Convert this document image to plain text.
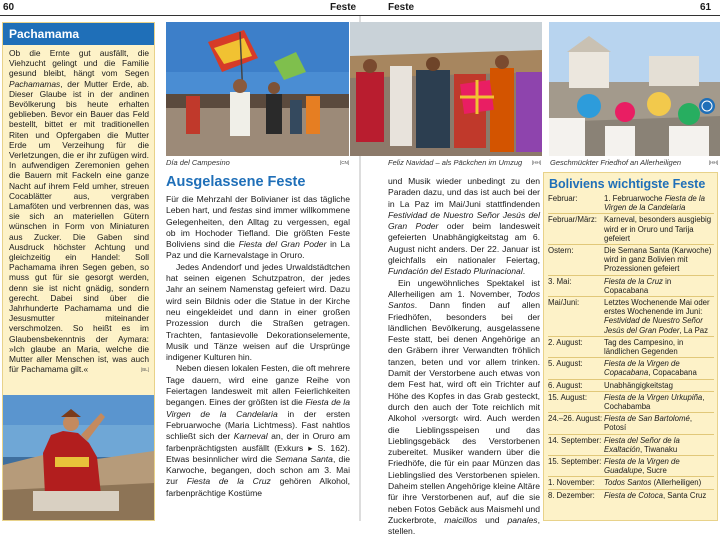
60	Feste	Feste	61
Pachamama
Ob die Ernte gut ausfällt, die Viehzucht gelingt und die Familie gesund bleibt, hängt vom Segen Pachamamas, der Mutter Erde, ab. Dieser Glaube ist in der andinen Bevölkerung bis heute erhalten geblieben. Bevor ein Bauer das Feld bestellt, bittet er mit traditionellen Riten und Opfergaben die Mutter Erde um Verzeihung für die Verletzungen, die er ihr zufügen wird. In aufwendigen Zeremonien gehen die Bauern mit Fackeln eine ganze Nacht auf ihrem Feld umher, streuen Cocablätter aus, vergraben Lamaföten und verbrennen das, was sie sich an materiellen Gütern wünschen in Form von Miniaturen aus Zucker. Die Gaben sind Ausdruck höchster Achtung und gleichzeitig ein Handel: Soll Pachamama ihren Segen geben, so muss gut für sie gesorgt werden, denn sie ist nicht gnädig, sondern gerecht. Dabei sind über die Jahrhunderte Pachamama und die Jesusmutter miteinander verschmolzen. So heißt es im Glaubensbekenntnis der Aymara: »Ich glaube an Maria, welche die Mutter aller Menschen ist, was auch für Pachamama gilt.«	[BL]
Día del Campesino	[CN]	Feliz Navidad – als Päckchen im Umzug [HH] Geschmückter Friedhof an Allerheiligen	[HH]
Ausgelassene Feste

Für die Mehrzahl der Bolivianer ist das tägliche Leben hart, und festas sind immer willkommene Gelegenheiten, den Alltag zu vergessen, egal ob im Hochoder Tiefland. Die größten Feste Boliviens sind die Fiesta del Gran Poder in La Paz und die Karnevalstage in Oruro.

Jedes Andendorf und jedes Urwaldstädtchen hat seinen eigenen Schutzpatron, der jedes Jahr an seinem Namenstag gefeiert wird. Dazu wird sein Bildnis oder die Statue in der Kirche neu eingekleidet und dann in einer großen Prozession durch die Straßen getragen. Trachten, fantasievolle Dekorationselemente, Musik und Tänze weisen auf die Ursprünge indigener Kulturen hin.

Neben diesen lokalen Festen, die oft mehrere Tage dauern, wird eine ganze Reihe von Feiertagen landesweit mit allen Feierlichkeiten begangen. Eines der größten ist die Fiesta de la Virgen de la Candelaria in der ersten Februarwoche (Maria Lichtmess). Fast nahtlos schließt sich der Karneval an, der in Oruro am farbenprächtigsten ausfällt (Exkurs ▸ S. 162). Etwas besinnlicher wird die Semana Santa, die Karwoche, begangen, doch schon am 3. Mai zur Fiesta de la Cruz gehören Alkohol, farbenprächtige Kostüme

und Musik wieder unbedingt zu den Paraden dazu, und das ist auch bei der in La Paz im Mai/Juni stattfindenden Festividad de Nuestro Señor Jesús del Gran Poder oder beim landesweit gefeierten Unabhängigkeitstag am 6. August nicht anders. Der 22. Januar ist gleichfalls ein nationaler Feiertag, Fundación del Estado Plurinacional.

Ein ungewöhnliches Spektakel ist Allerheiligen am 1. November, Todos Santos. Dann finden auf allen Friedhöfen, besonders bei der ländlichen Bevölkerung, ausgelassene Feste statt, bei denen Angehörige an den Gräbern ihrer Verwandten fröhlich tanzen, beten und vor allem trinken. Damit der Verstorbene auch etwas von dem Fest hat, wird oft ein Trichter auf Höhe des Kopfes in das Grab gesteckt, durch den auch der Tote reichlich mit Alkohol ›versorgt‹ wird. Auch werden die Lieblingsspeisen und das Lieblingsgebäck des Verstorbenen zubereitet. Musiker wandern über die Friedhöfe, die für ein paar Münzen das Lieblingslied des Verstorbenen spielen. Daheim stellen Angehörige kleine Altäre für ihre Verstorbenen auf, auf die sie neben Fotos Gebäck aus Maismehl und Zuckerbrote, maicillos und panales, stellen.

Boliviens wichtigste Feste
Februar:	1. Februarwoche Fiesta de la Virgen de la Candelaria
Februar/März: Karneval, besonders ausgiebig wird er in Oruro und Tarija gefeiert
Ostern:	Die Semana Santa (Karwoche) wird in ganz Bolivien mit Prozessionen gefeiert
3. Mai:	Fiesta de la Cruz in Copacabana
Mai/Juni:	Letztes Wochenende Mai oder erstes Wochenende im Juni: Festividad de Nuestro Señor Jesús del Gran Poder, La Paz
2. August:	Tag des Campesino, in ländlichen Gegenden
5. August:	Fiesta de la Virgen de Copacabana, Copacabana
6. August:	Unabhängigkeitstag
15. August:	Fiesta de la Virgen Urkupiña, Cochabamba
24.–26. August: Fiesta de San Bartolomé, Potosí
14. September: Fiesta del Señor de la Exaltación, Tiwanaku
15. September: Fiesta de la Virgen de Guadalupe, Sucre
1. November:	Todos Santos (Allerheiligen)
8. Dezember:	Fiesta de Cotoca, Santa Cruz
